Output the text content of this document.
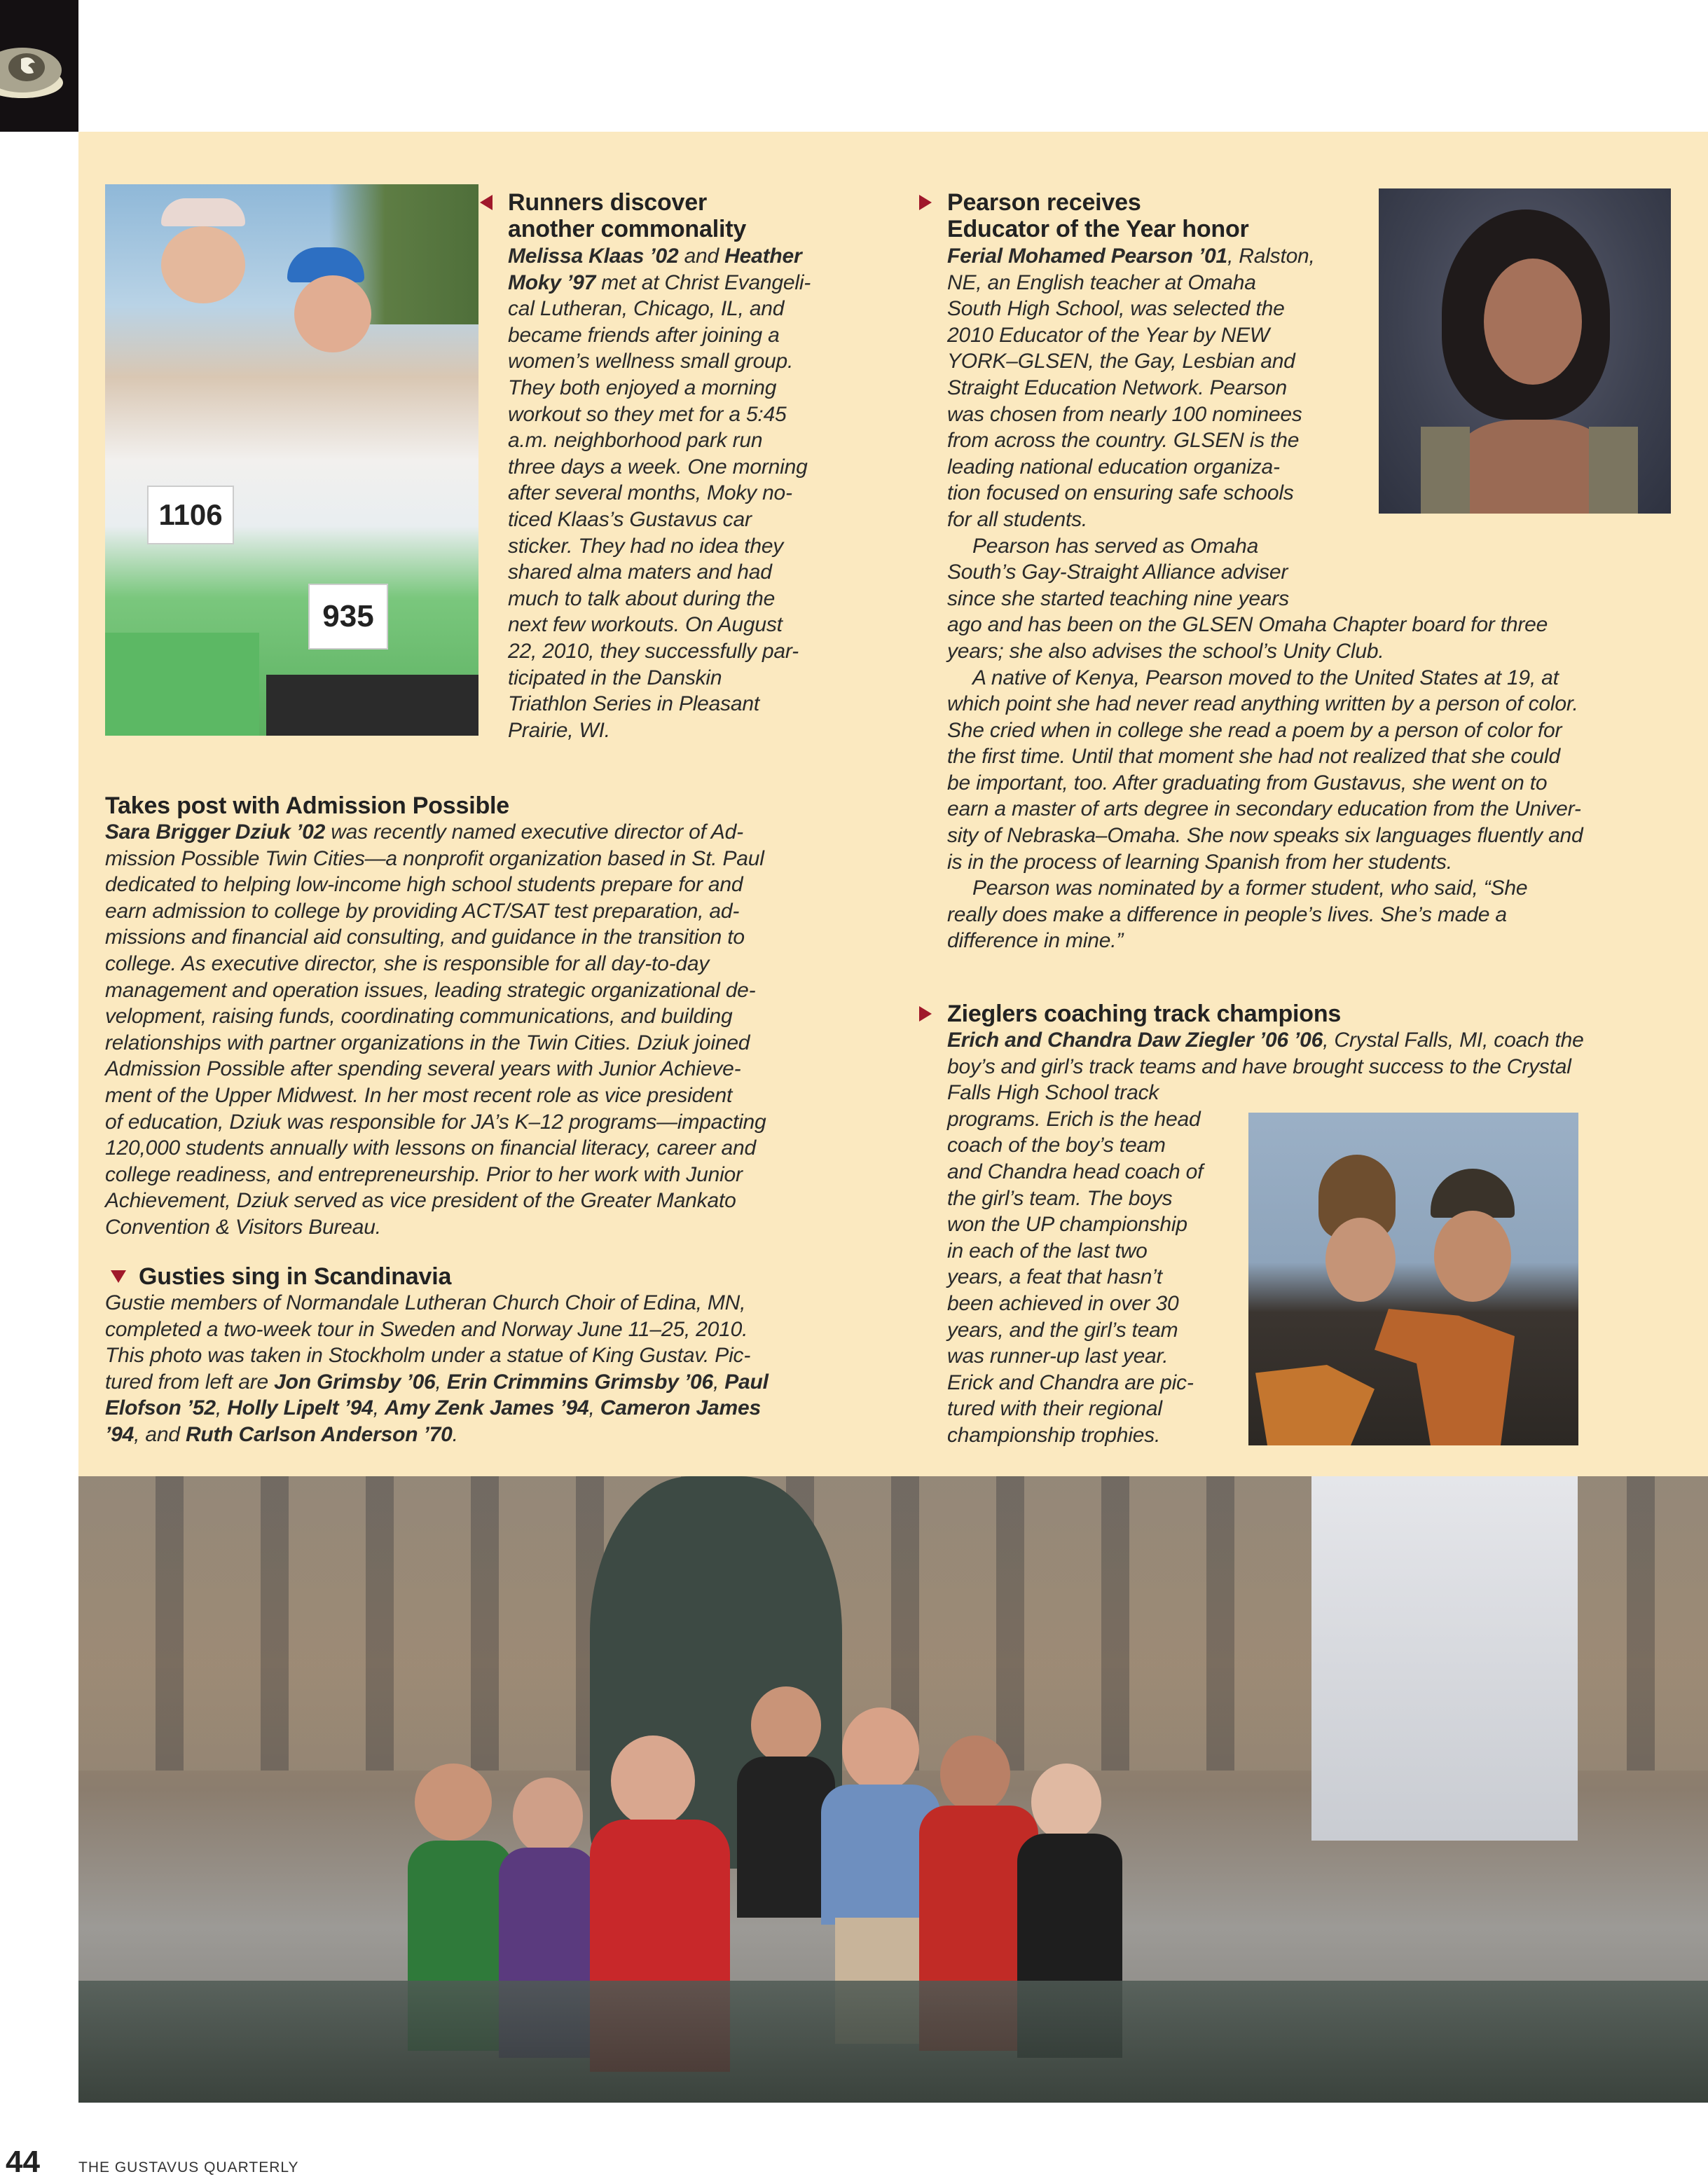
1106
935
Runners discover
another commonality

Melissa Klaas ’02 and Heather
Moky ’97 met at Christ Evangeli-
cal Lutheran, Chicago, IL, and
became friends after joining a
women’s wellness small group.
They both enjoyed a morning
workout so they met for a 5:45
a.m. neighborhood park run
three days a week. One morning
after several months, Moky no-
ticed Klaas’s Gustavus car
sticker. They had no idea they
shared alma maters and had
much to talk about during the
next few workouts. On August
22, 2010, they successfully par-
ticipated in the Danskin
Triathlon Series in Pleasant
Prairie, WI.

Pearson receives
Educator of the Year honor

Ferial Mohamed Pearson ’01, Ralston,
NE, an English teacher at Omaha
South High School, was selected the
2010 Educator of the Year by NEW
YORK–GLSEN, the Gay, Lesbian and
Straight Education Network. Pearson
was chosen from nearly 100 nominees
from across the country. GLSEN is the
leading national education organiza-
tion focused on ensuring safe schools
for all students.
Pearson has served as Omaha
South’s Gay-Straight Alliance adviser
since she started teaching nine years
ago and has been on the GLSEN Omaha Chapter board for three
years; she also advises the school’s Unity Club.
A native of Kenya, Pearson moved to the United States at 19, at
which point she had never read anything written by a person of color.
She cried when in college she read a poem by a person of color for
the first time. Until that moment she had not realized that she could
be important, too. After graduating from Gustavus, she went on to
earn a master of arts degree in secondary education from the Univer-
sity of Nebraska–Omaha. She now speaks six languages fluently and
is in the process of learning Spanish from her students.
Pearson was nominated by a former student, who said, “She
really does make a difference in people’s lives. She’s made a
difference in mine.”

Takes post with Admission Possible

Sara Brigger Dziuk ’02 was recently named executive director of Ad-
mission Possible Twin Cities—a nonprofit organization based in St. Paul
dedicated to helping low-income high school students prepare for and
earn admission to college by providing ACT/SAT test preparation, ad-
missions and financial aid consulting, and guidance in the transition to
college. As executive director, she is responsible for all day-to-day
management and operation issues, leading strategic organizational de-
velopment, raising funds, coordinating communications, and building
relationships with partner organizations in the Twin Cities. Dziuk joined
Admission Possible after spending several years with Junior Achieve-
ment of the Upper Midwest. In her most recent role as vice president
of education, Dziuk was responsible for JA’s K–12 programs—impacting
120,000 students annually with lessons on financial literacy, career and
college readiness, and entrepreneurship. Prior to her work with Junior
Achievement, Dziuk served as vice president of the Greater Mankato
Convention & Visitors Bureau.

Gusties sing in Scandinavia

Gustie members of Normandale Lutheran Church Choir of Edina, MN,
completed a two-week tour in Sweden and Norway June 11–25, 2010.
This photo was taken in Stockholm under a statue of King Gustav. Pic-
tured from left are Jon Grimsby ’06, Erin Crimmins Grimsby ’06, Paul
Elofson ’52, Holly Lipelt ’94, Amy Zenk James ’94, Cameron James
’94, and Ruth Carlson Anderson ’70.

Zieglers coaching track champions

Erich and Chandra Daw Ziegler ’06 ’06, Crystal Falls, MI, coach the
boy’s and girl’s track teams and have brought success to the Crystal
Falls High School track
programs. Erich is the head
coach of the boy’s team
and Chandra head coach of
the girl’s team. The boys
won the UP championship
in each of the last two
years, a feat that hasn’t
been achieved in over 30
years, and the girl’s team
was runner-up last year.
Erick and Chandra are pic-
tured with their regional
championship trophies.

44	THE GUSTAVUS QUARTERLY
